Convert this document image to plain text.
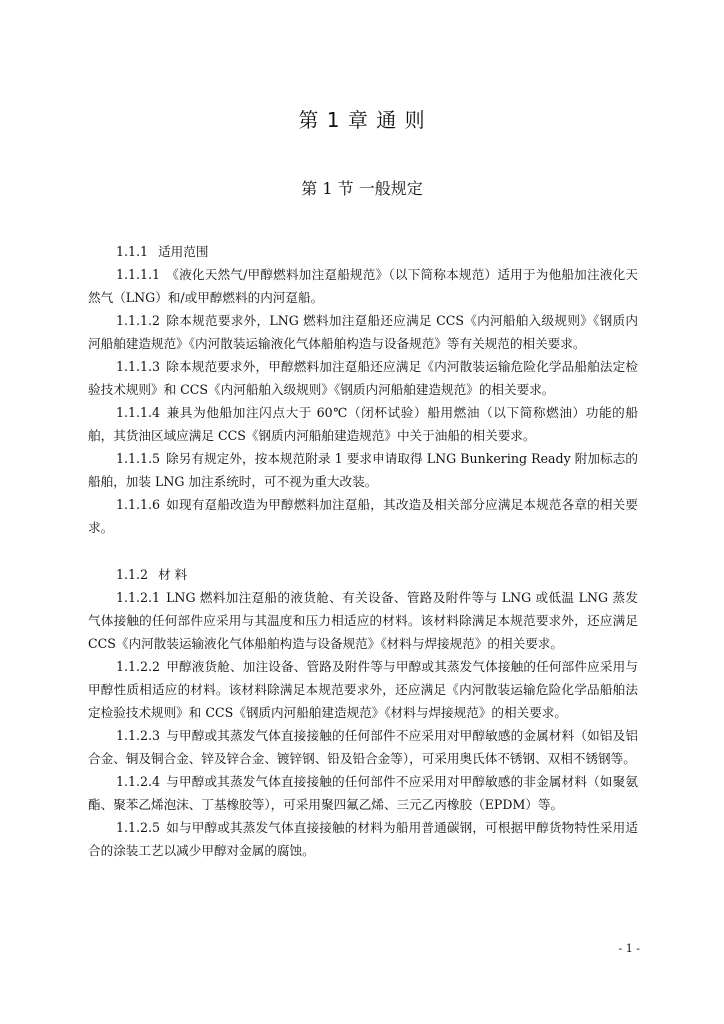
第 1 章 通 则
第 1 节 一般规定

1.1.1 适用范围

1.1.1.1 《液化天然气/甲醇燃料加注趸船规范》（以下简称本规范）适用于为他船加注液化天然气（LNG）和/或甲醇燃料的内河趸船。

1.1.1.2 除本规范要求外，LNG 燃料加注趸船还应满足 CCS《内河船舶入级规则》《钢质内河船舶建造规范》《内河散装运输液化气体船舶构造与设备规范》等有关规范的相关要求。

1.1.1.3 除本规范要求外，甲醇燃料加注趸船还应满足《内河散装运输危险化学品船舶法定检验技术规则》和 CCS《内河船舶入级规则》《钢质内河船舶建造规范》的相关要求。

1.1.1.4 兼具为他船加注闪点大于 60℃（闭杯试验）船用燃油（以下简称燃油）功能的船舶，其货油区域应满足 CCS《钢质内河船舶建造规范》中关于油船的相关要求。

1.1.1.5 除另有规定外，按本规范附录 1 要求申请取得 LNG Bunkering Ready 附加标志的船舶，加装 LNG 加注系统时，可不视为重大改装。

1.1.1.6 如现有趸船改造为甲醇燃料加注趸船，其改造及相关部分应满足本规范各章的相关要求。

1.1.2 材 料

1.1.2.1 LNG 燃料加注趸船的液货舱、有关设备、管路及附件等与 LNG 或低温 LNG 蒸发气体接触的任何部件应采用与其温度和压力相适应的材料。该材料除满足本规范要求外，还应满足 CCS《内河散装运输液化气体船舶构造与设备规范》《材料与焊接规范》的相关要求。

1.1.2.2 甲醇液货舱、加注设备、管路及附件等与甲醇或其蒸发气体接触的任何部件应采用与甲醇性质相适应的材料。该材料除满足本规范要求外，还应满足《内河散装运输危险化学品船舶法定检验技术规则》和 CCS《钢质内河船舶建造规范》《材料与焊接规范》的相关要求。

1.1.2.3 与甲醇或其蒸发气体直接接触的任何部件不应采用对甲醇敏感的金属材料（如铝及铝合金、铜及铜合金、锌及锌合金、镀锌钢、铅及铅合金等），可采用奥氏体不锈钢、双相不锈钢等。

1.1.2.4 与甲醇或其蒸发气体直接接触的任何部件不应采用对甲醇敏感的非金属材料（如聚氨酯、聚苯乙烯泡沫、丁基橡胶等），可采用聚四氟乙烯、三元乙丙橡胶（EPDM）等。

1.1.2.5 如与甲醇或其蒸发气体直接接触的材料为船用普通碳钢，可根据甲醇货物特性采用适合的涂装工艺以减少甲醇对金属的腐蚀。

- 1 -
